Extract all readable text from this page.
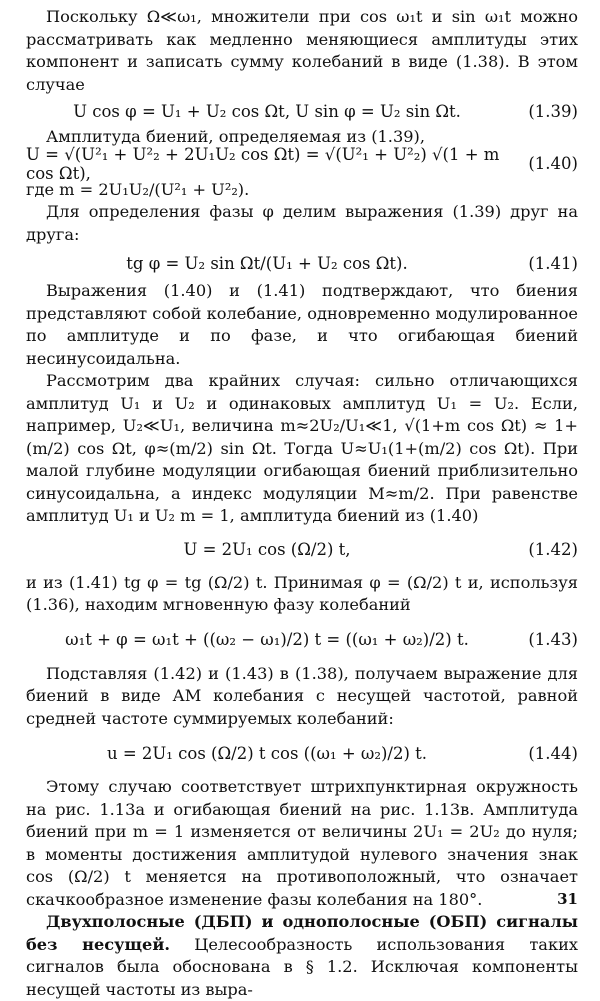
Поскольку Ω≪ω₁, множители при cos ω₁t и sin ω₁t можно рассматривать как медленно меняющиеся амплитуды этих компонент и записать сумму колебаний в виде (1.38). В этом случае

U cos φ = U₁ + U₂ cos Ωt, U sin φ = U₂ sin Ωt.	(1.39)

Амплитуда биений, определяемая из (1.39),

U = √(U²₁ + U²₂ + 2U₁U₂ cos Ωt) = √(U²₁ + U²₂) √(1 + m cos Ωt),	(1.40)

где m = 2U₁U₂/(U²₁ + U²₂).

Для определения фазы φ делим выражения (1.39) друг на друга:

tg φ = U₂ sin Ωt/(U₁ + U₂ cos Ωt).	(1.41)

Выражения (1.40) и (1.41) подтверждают, что биения представляют собой колебание, одновременно модулированное по амплитуде и по фазе, и что огибающая биений несинусоидальна.

Рассмотрим два крайних случая: сильно отличающихся амплитуд U₁ и U₂ и одинаковых амплитуд U₁ = U₂. Если, например, U₂≪U₁, величина m≈2U₂/U₁≪1, √(1+m cos Ωt) ≈ 1+(m/2) cos Ωt, φ≈(m/2) sin Ωt. Тогда U≈U₁(1+(m/2) cos Ωt). При малой глубине модуляции огибающая биений приблизительно синусоидальна, а индекс модуляции M≈m/2. При равенстве амплитуд U₁ и U₂ m = 1, амплитуда биений из (1.40)

U = 2U₁ cos (Ω/2) t,	(1.42)

и из (1.41) tg φ = tg (Ω/2) t. Принимая φ = (Ω/2) t и, используя (1.36), находим мгновенную фазу колебаний

ω₁t + φ = ω₁t + ((ω₂ − ω₁)/2) t = ((ω₁ + ω₂)/2) t.	(1.43)

Подставляя (1.42) и (1.43) в (1.38), получаем выражение для биений в виде АМ колебания с несущей частотой, равной средней частоте суммируемых колебаний:

u = 2U₁ cos (Ω/2) t cos ((ω₁ + ω₂)/2) t.	(1.44)

Этому случаю соответствует штрихпунктирная окружность на рис. 1.13а и огибающая биений на рис. 1.13в. Амплитуда биений при m = 1 изменяется от величины 2U₁ = 2U₂ до нуля; в моменты достижения амплитудой нулевого значения знак cos (Ω/2) t меняется на противоположный, что означает скачкообразное изменение фазы колебания на 180°.

Двухполосные (ДБП) и однополосные (ОБП) сигналы без несущей. Целесообразность использования таких сигналов была обоснована в § 1.2. Исключая компоненты несущей частоты из выра-

31
